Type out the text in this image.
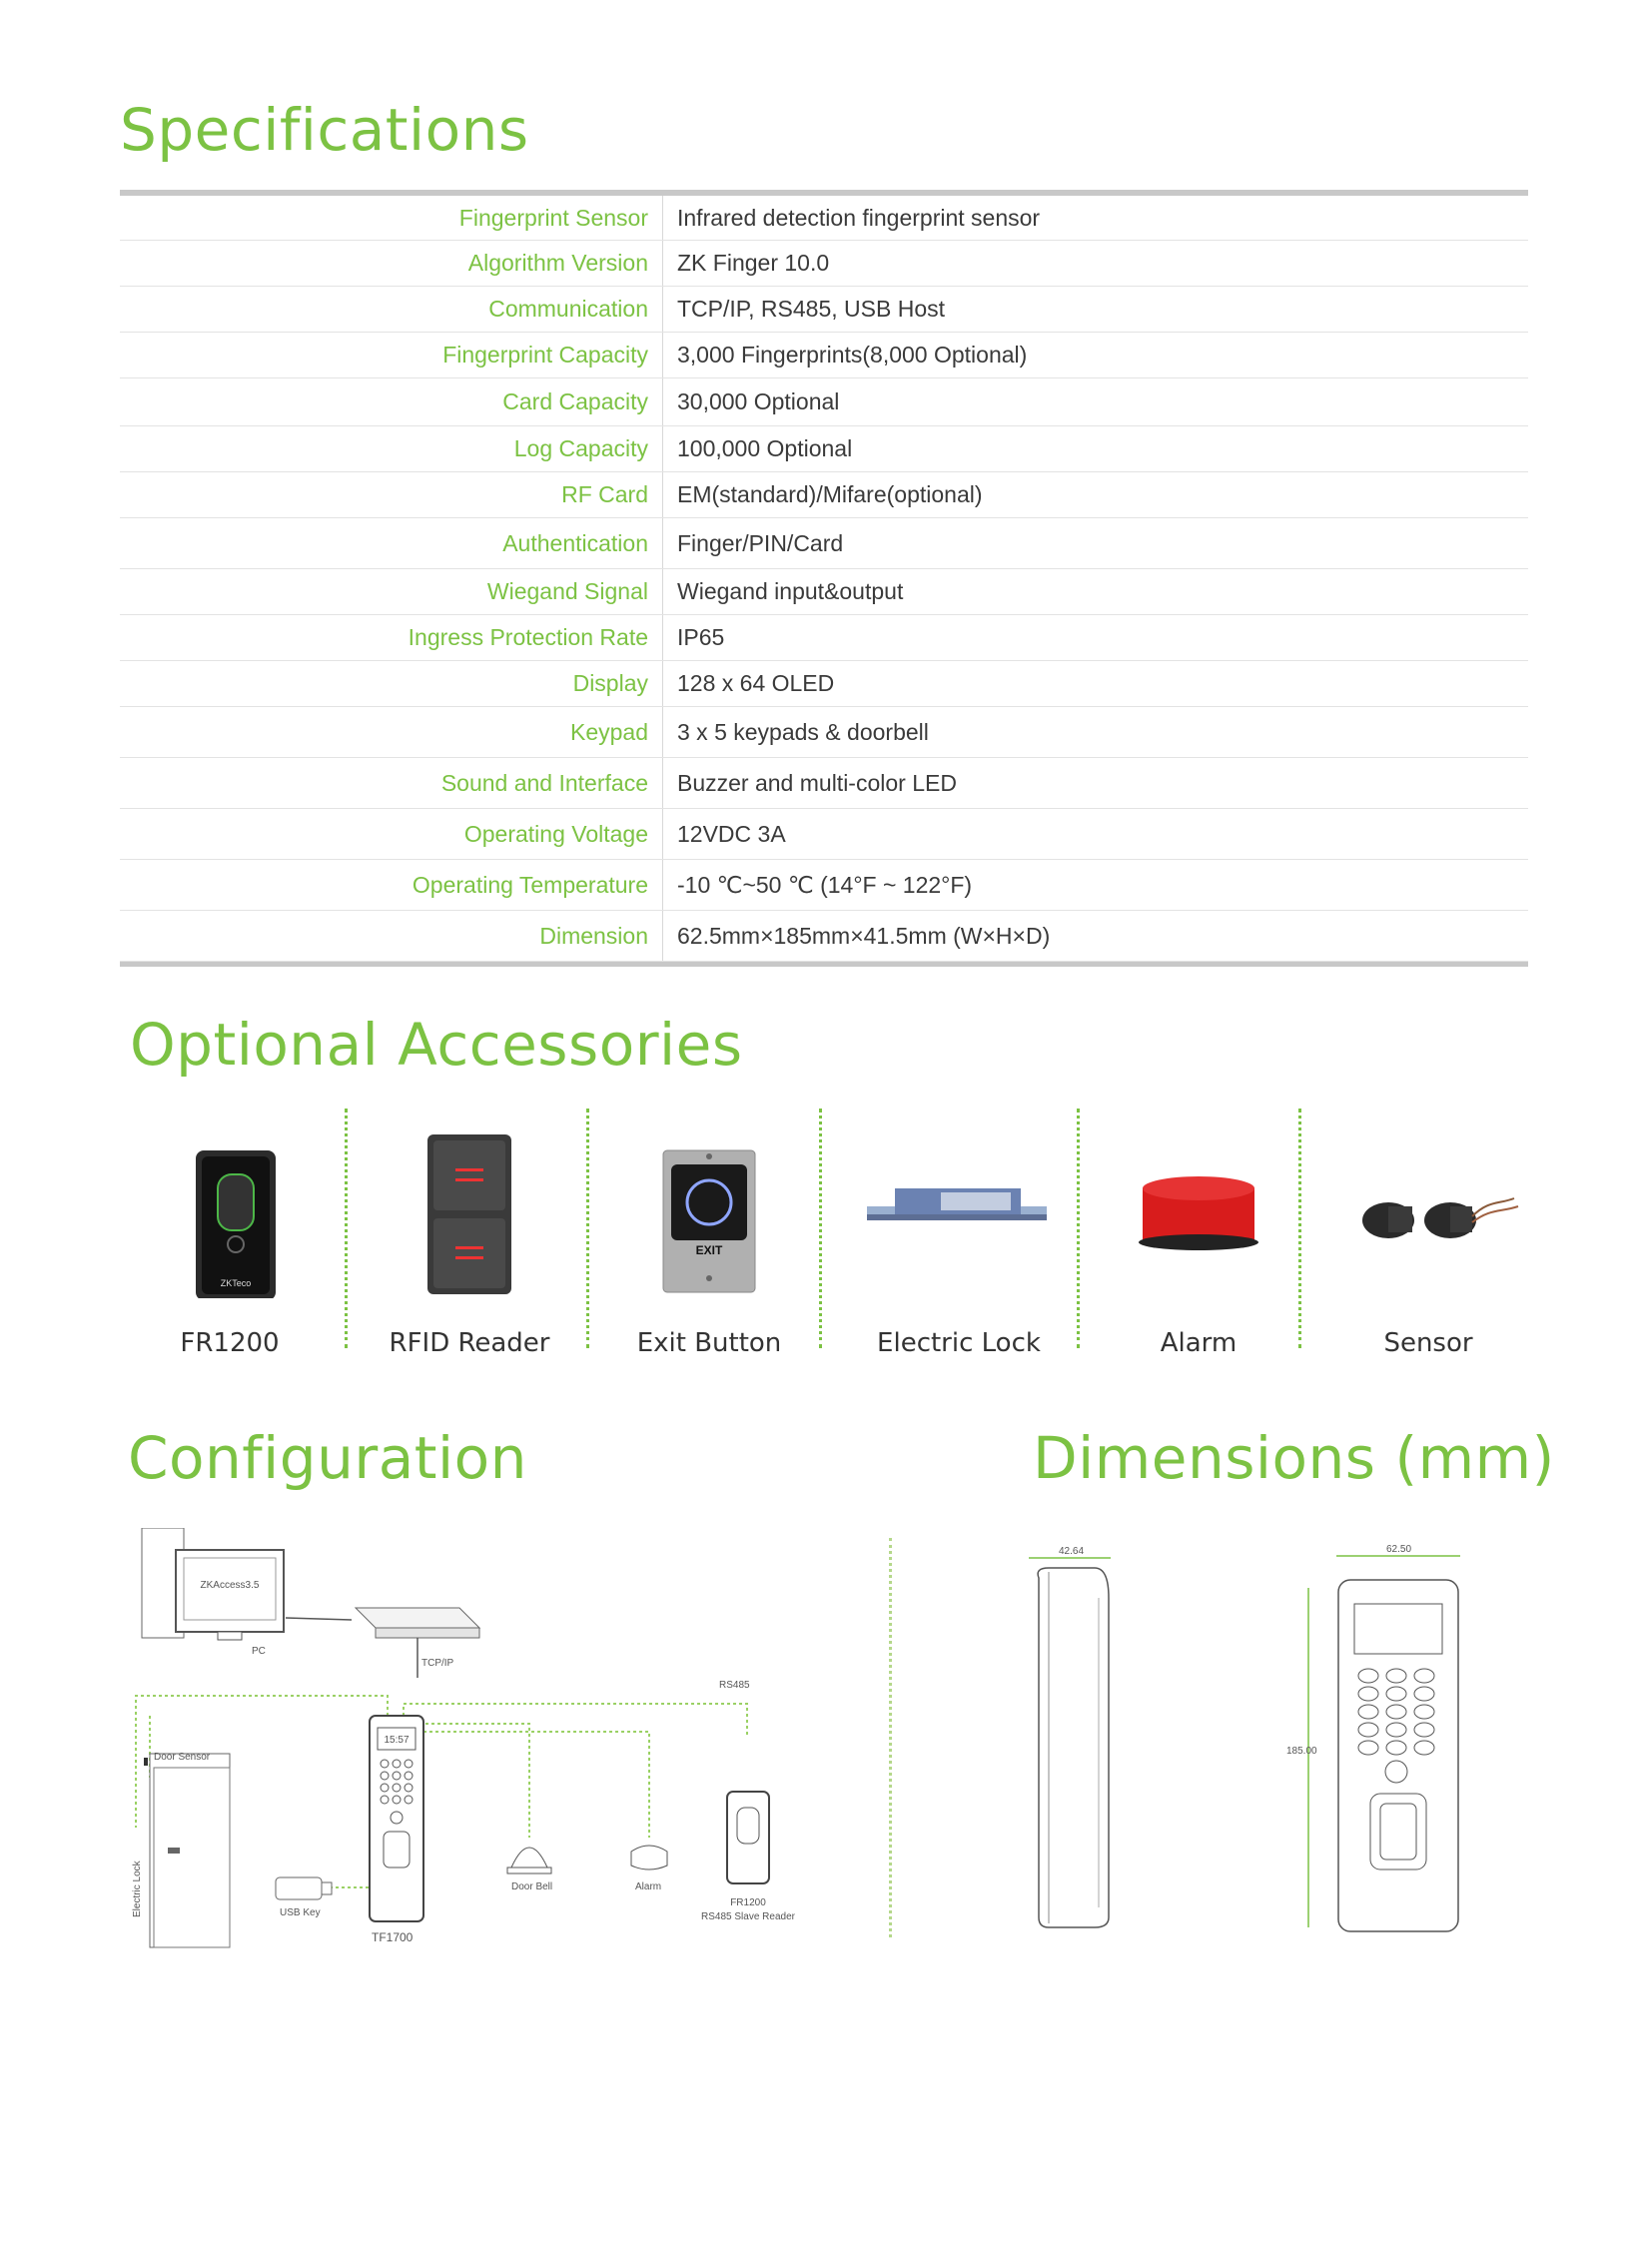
Specifications
Fingerprint Sensor	Infrared detection fingerprint sensor
Algorithm Version	ZK Finger 10.0
Communication	TCP/IP, RS485, USB Host
Fingerprint Capacity	3,000 Fingerprints(8,000 Optional)
Card Capacity	30,000 Optional
Log Capacity	100,000 Optional
RF Card	EM(standard)/Mifare(optional)
Authentication	Finger/PIN/Card
Wiegand Signal	Wiegand input&output
Ingress Protection Rate	IP65
Display	128 x 64 OLED
Keypad	3 x 5 keypads & doorbell
Sound and Interface	Buzzer and multi-color LED
Operating Voltage	12VDC 3A
Operating Temperature	-10 ℃~50 ℃ (14°F ~ 122°F)
Dimension	62.5mm×185mm×41.5mm (W×H×D)
Optional Accessories
ZKTeco
FR1200	RFID Reader
EXIT
Exit Button	Electric Lock	Alarm	Sensor
Configuration	Dimensions (mm)
ZKAccess3.5
PC
TCP/IP
RS485
Door Sensor
Electric Lock	USB Key
15:57
TF1700
Door Bell	Alarm
FR1200
RS485 Slave Reader
42.64	62.50
185.00
